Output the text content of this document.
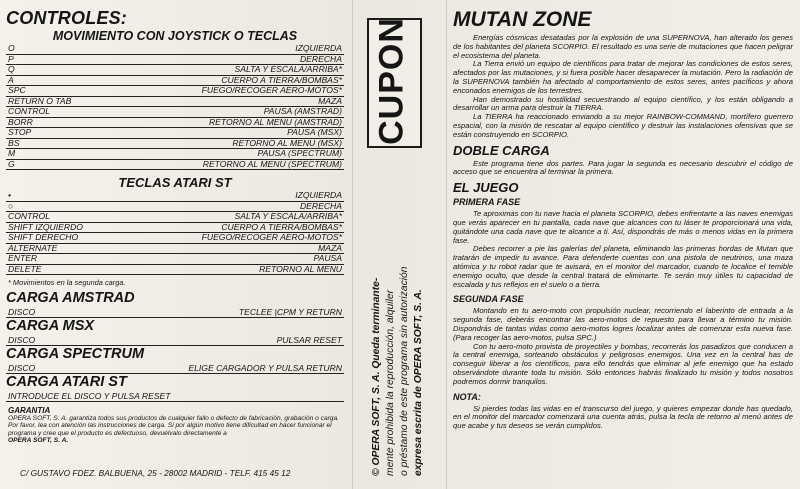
CONTROLES:

MOVIMIENTO CON JOYSTICK O TECLAS

O	IZQUIERDA
P	DERECHA
Q	SALTA Y ESCALA/ARRIBA*
A	CUERPO A TIERRA/BOMBAS*
SPC	FUEGO/RECOGER AERO-MOTOS*
RETURN O TAB	MAZA
CONTROL	PAUSA (AMSTRAD)
BORR	RETORNO AL MENU (AMSTRAD)
STOP	PAUSA (MSX)
BS	RETORNO AL MENU (MSX)
M	PAUSA (SPECTRUM)
G	RETORNO AL MENU (SPECTRUM)

TECLAS ATARI ST

•	IZQUIERDA
○	DERECHA
CONTROL	SALTA Y ESCALA/ARRIBA*
SHIFT IZQUIERDO	CUERPO A TIERRA/BOMBAS*
SHIFT DERECHO	FUEGO/RECOGER AERO-MOTOS*
ALTERNATE	MAZA
ENTER	PAUSA
DELETE	RETORNO AL MENU

* Movimientos en la segunda carga.

CARGA AMSTRAD

DISCO	TECLEE |CPM Y RETURN

CARGA MSX

DISCO	PULSAR RESET

CARGA SPECTRUM

DISCO	ELIGE CARGADOR Y PULSA RETURN

CARGA ATARI ST

INTRODUCE EL DISCO Y PULSA RESET

GARANTIA

OPERA SOFT, S. A. garantiza todos sus productos de cualquier fallo o defecto de fabricación, grabación o carga. Por favor, lea con atención las instrucciones de carga. Si por algún motivo tiene dificultad en hacer funcionar el programa y cree que el producto es defectuoso, devuélvalo directamente a

OPERA SOFT, S. A.

C/ GUSTAVO FDEZ. BALBUENA, 25 - 28002 MADRID - TELF. 415 45 12
CUPON
© OPERA SOFT, S. A. Queda terminante- mente prohibida la reproducción, alquiler o préstamo de este programa sin autorización expresa escrita de OPERA SOFT, S. A.

MUTAN ZONE

Energías cósmicas desatadas por la explosión de una SUPERNOVA, han alterado los genes de los habitantes del planeta SCORPIO. El resultado es una serie de mutaciones que hacen peligrar el ecosistema del planeta.

La Tierra envió un equipo de científicos para tratar de mejorar las condiciones de estos seres, afectados por las mutaciones, y si fuera posible hacer desaparecer la mutación. Pero la radiación de la SUPERNOVA también ha afectado al comportamiento de estos seres, antes pacíficos y ahora enconados enemigos de los terrestres.

Han demostrado su hostilidad secuestrando al equipo científico, y los están obligando a desarrollar un arma para destruir la TIERRA.

La TIERRA ha reaccionado enviando a su mejor RAINBOW-COMMAND, mortífero guerrero espacial, con la misión de rescatar al equipo científico y destruir las instalaciones ofensivas que se están construyendo en SCORPIO.

DOBLE CARGA

Este programa tiene dos partes. Para jugar la segunda es necesario descubrir el código de acceso que se encuentra al terminar la primera.

EL JUEGO

PRIMERA FASE

Te aproximas con tu nave hacia el planeta SCORPIO, debes enfrentarte a las naves enemigas que verás aparecer en tu pantalla, cada nave que alcances con tu láser te proporcionará una vida, quitándote una cada nave que te alcance a ti. Así, dispondrás de más o menos vidas en la primera fase.

Debes recorrer a pie las galerías del planeta, eliminando las primeras hordas de Mutan que tratarán de impedir tu avance. Para defenderte cuentas con una pistola de neutrinos, una maza atómica y tu robot radar que te avisará, en el monitor del marcador, cuando te localice el temible enemigo oculto, que desde la central tratará de eliminarte. Te serán muy útiles tu capacidad de escalada y tus reflejos en el suelo o a tierra.

SEGUNDA FASE

Montando en tu aero-moto con propulsión nuclear, recorriendo el laberinto de entrada a la segunda fase, deberás encontrar las aero-motos de repuesto para llevar a término tu misión. Dispondrás de tantas vidas como aero-motos logres localizar antes de comenzar esta nueva fase. (Para recoger las aero-motos, pulsa SPC.)

Con tu aero-moto provista de proyectiles y bombas, recorrerás los pasadizos que conducen a la central enemiga, sorteando obstáculos y peligrosos enemigos. Una vez en la central has de conseguir liberar a los científicos, para ello tendrás que eliminar al jefe enemigo que ha estado observándote durante toda tu misión. Sólo entonces habrás finalizado tu misión y todos nosotros podremos dormir tranquilos.

NOTA:

Si pierdes todas las vidas en el transcurso del juego, y quieres empezar donde has quedado, en el monitor del marcador comenzará una cuenta atrás, pulsa la tecla de retorno al menú antes de que acabe y tus deseos se verán cumplidos.
